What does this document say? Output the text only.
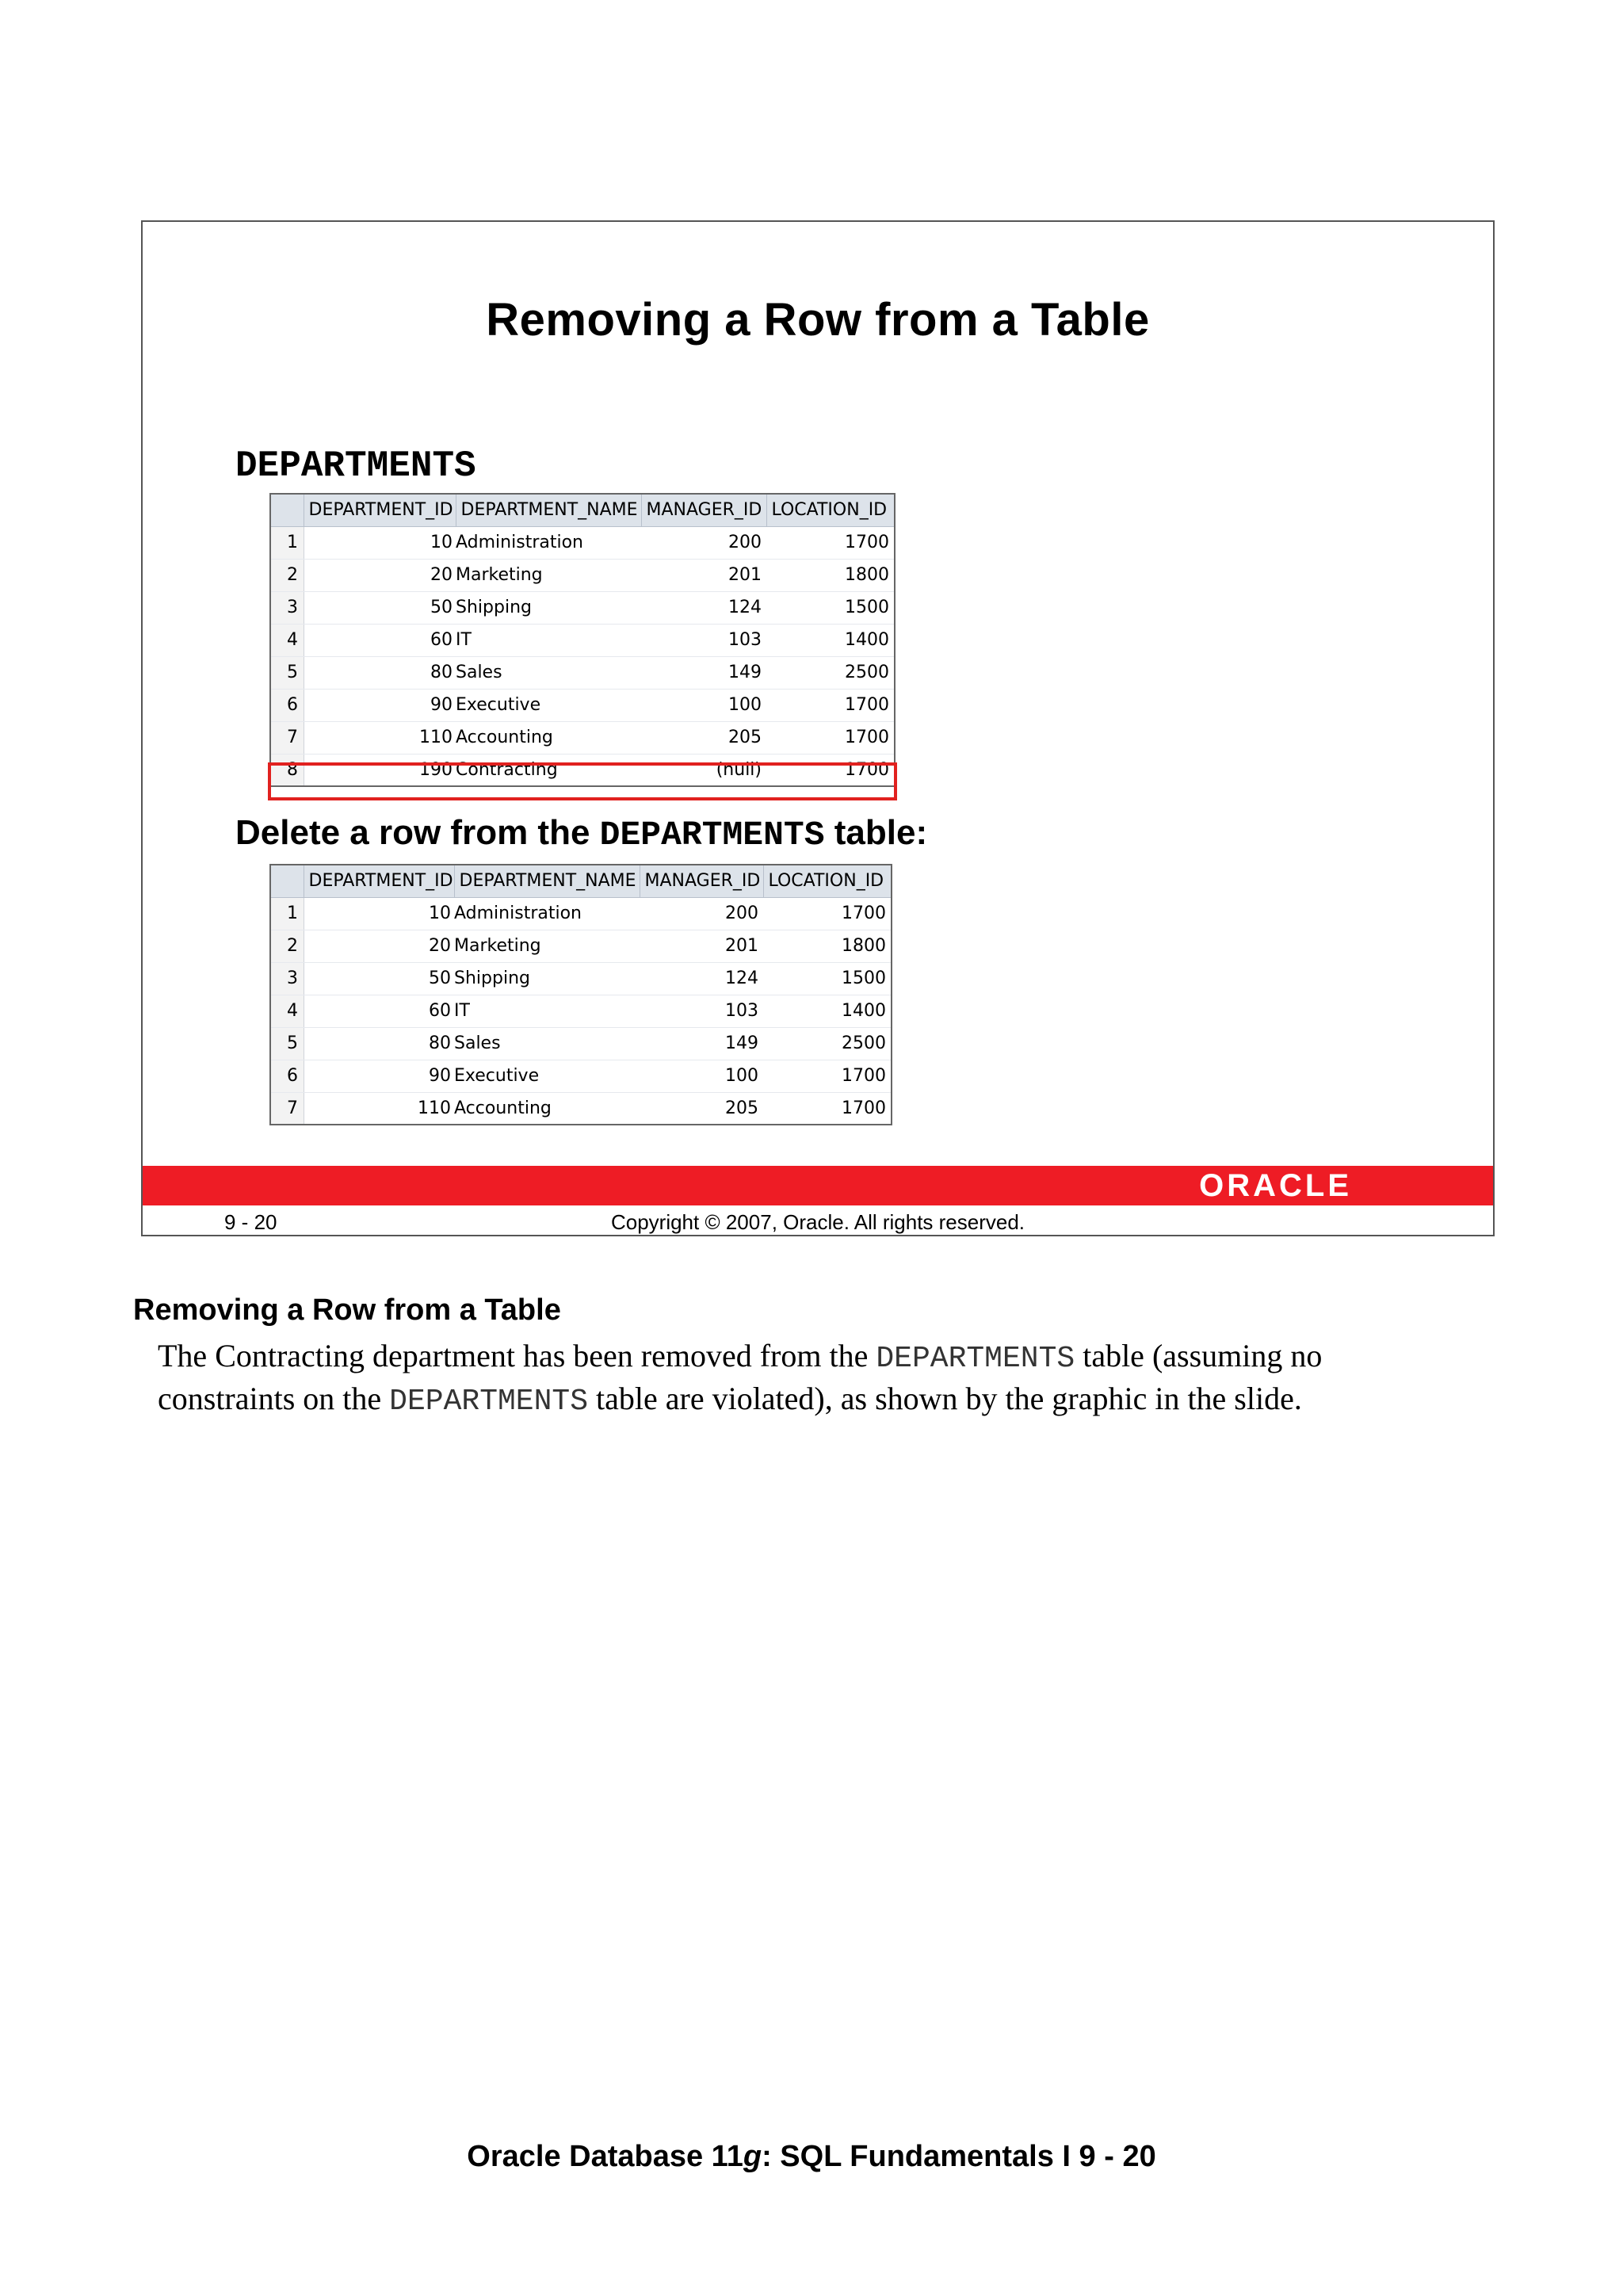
Removing a Row from a Table
DEPARTMENTS
	DEPARTMENT_ID	DEPARTMENT_NAME	MANAGER_ID	LOCATION_ID
1	10	Administration	200	1700
2	20	Marketing	201	1800
3	50	Shipping	124	1500
4	60	IT	103	1400
5	80	Sales	149	2500
6	90	Executive	100	1700
7	110	Accounting	205	1700
8	190	Contracting	(null)	1700
Delete a row from the DEPARTMENTS table:
	DEPARTMENT_ID	DEPARTMENT_NAME	MANAGER_ID	LOCATION_ID
1	10	Administration	200	1700
2	20	Marketing	201	1800
3	50	Shipping	124	1500
4	60	IT	103	1400
5	80	Sales	149	2500
6	90	Executive	100	1700
7	110	Accounting	205	1700
ORACLE
9 - 20	Copyright © 2007, Oracle. All rights reserved.
Removing a Row from a Table
The Contracting department has been removed from the DEPARTMENTS table (assuming no constraints on the DEPARTMENTS table are violated), as shown by the graphic in the slide.
Oracle Database 11g: SQL Fundamentals I 9 - 20
